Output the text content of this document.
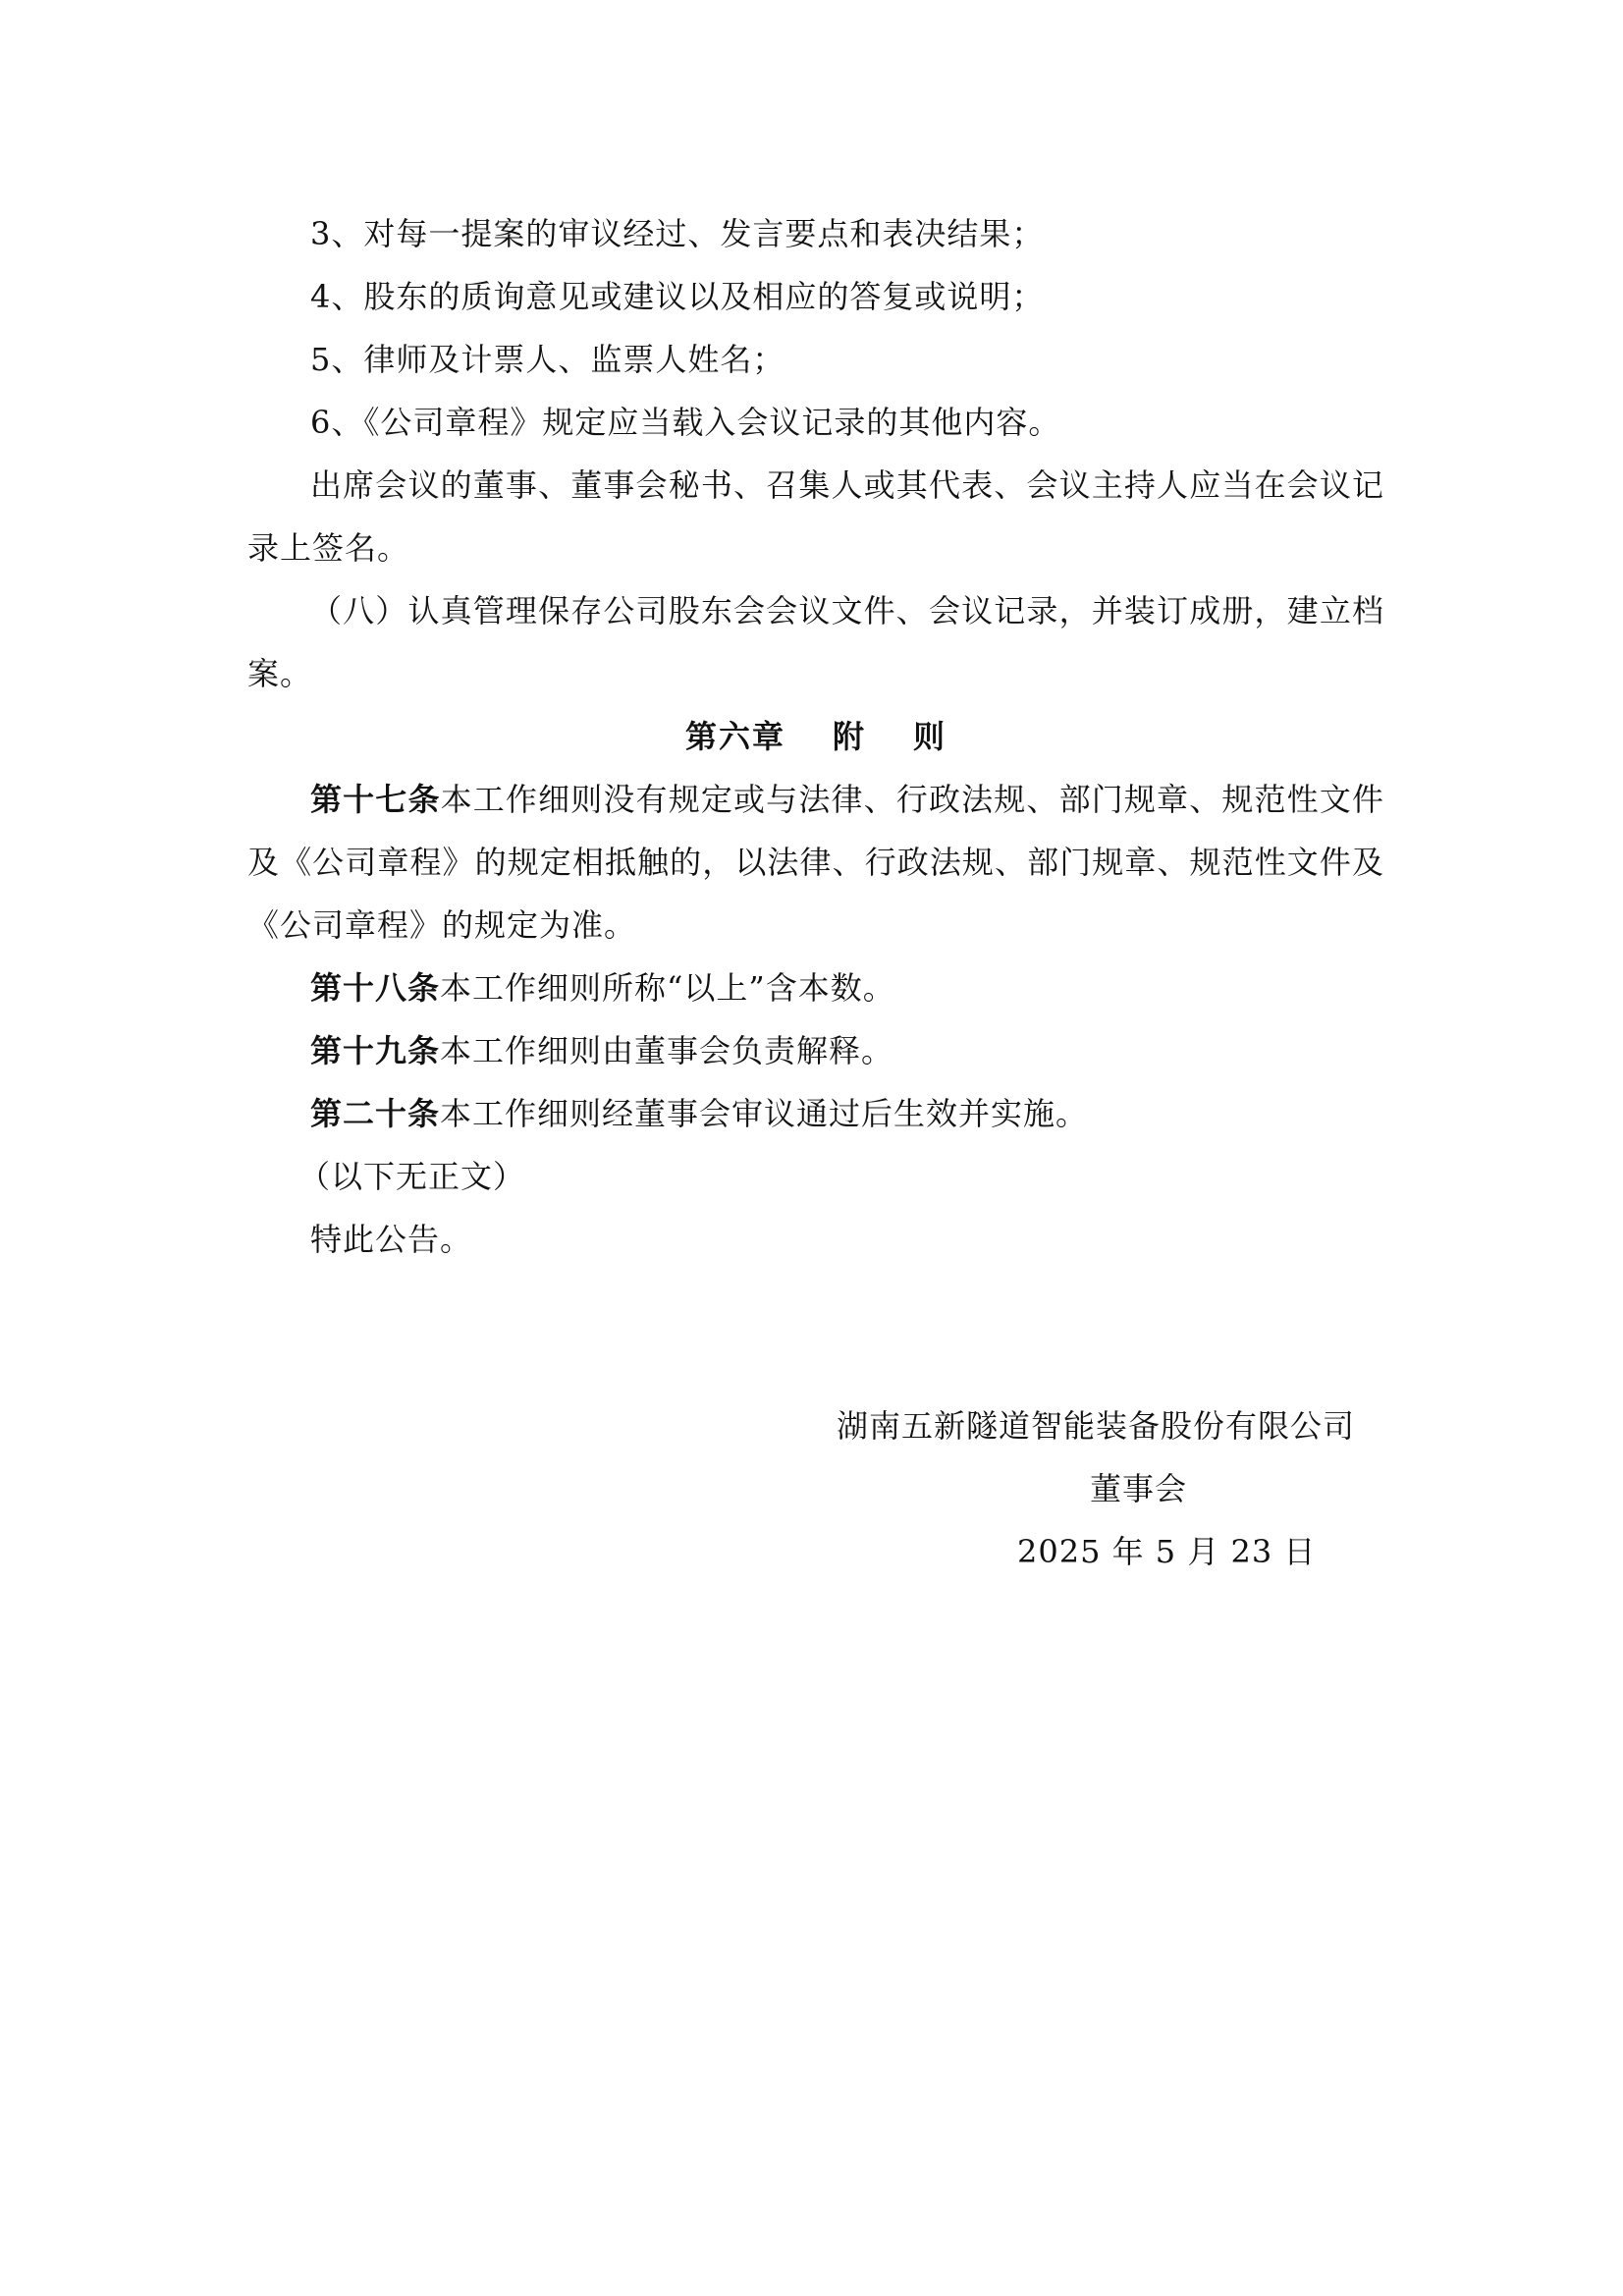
3、对每一提案的审议经过、发言要点和表决结果；

4、股东的质询意见或建议以及相应的答复或说明；

5、律师及计票人、监票人姓名；

6、《公司章程》规定应当载入会议记录的其他内容。

出席会议的董事、董事会秘书、召集人或其代表、会议主持人应当在会议记录上签名。

（八）认真管理保存公司股东会会议文件、会议记录，并装订成册，建立档案。

第六章 附 则

第十七条本工作细则没有规定或与法律、行政法规、部门规章、规范性文件及《公司章程》的规定相抵触的，以法律、行政法规、部门规章、规范性文件及《公司章程》的规定为准。

第十八条本工作细则所称“以上”含本数。

第十九条本工作细则由董事会负责解释。

第二十条本工作细则经董事会审议通过后生效并实施。

（以下无正文）

特此公告。

湖南五新隧道智能装备股份有限公司

董事会

2025 年 5 月 23 日
